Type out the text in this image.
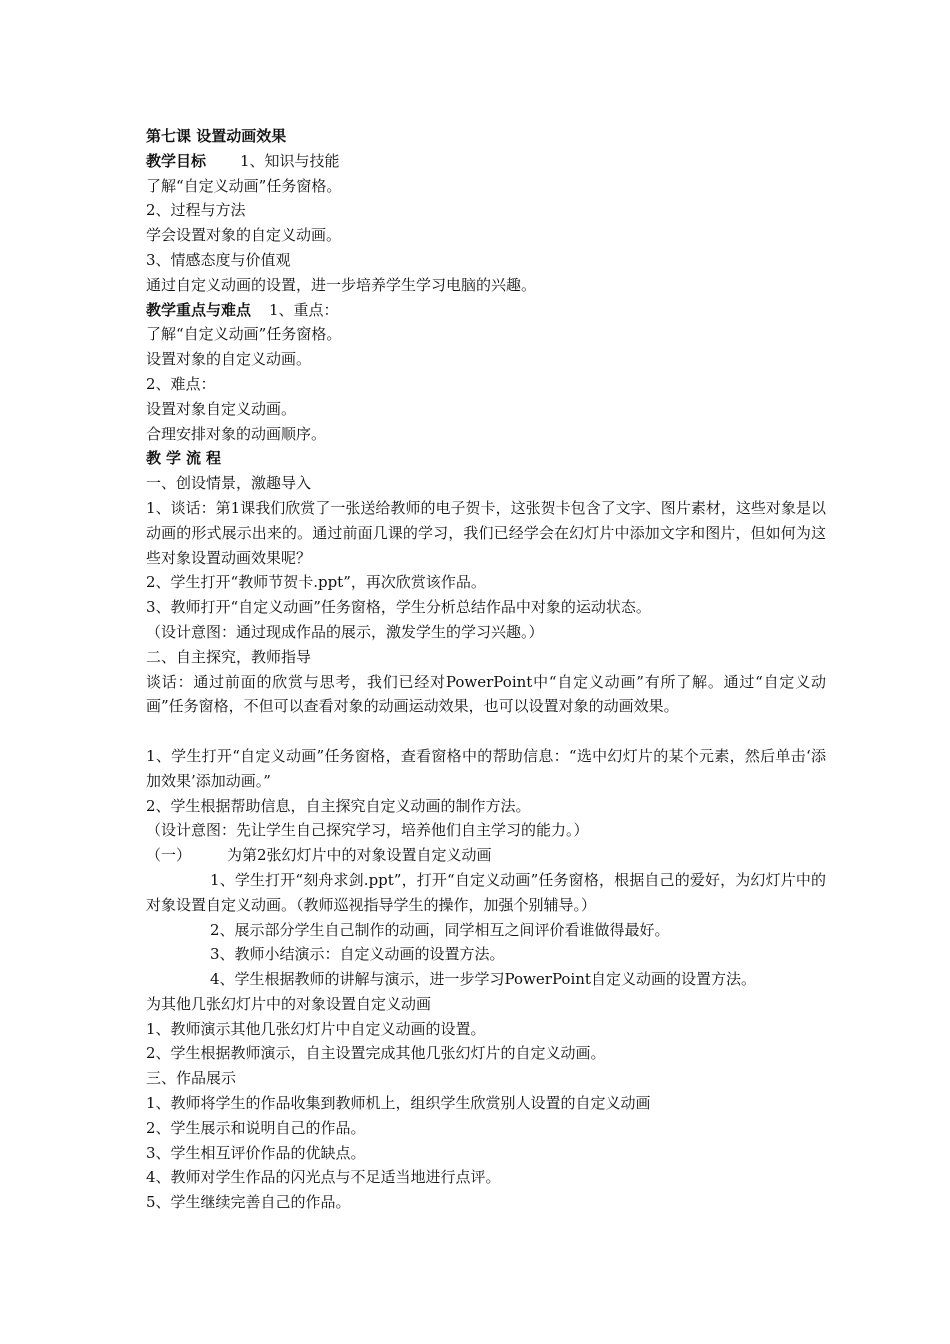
第七课 设置动画效果

教学目标 1、知识与技能

了解“自定义动画”任务窗格。

2、过程与方法

学会设置对象的自定义动画。

3、情感态度与价值观

通过自定义动画的设置，进一步培养学生学习电脑的兴趣。

教学重点与难点 1、重点：

了解“自定义动画”任务窗格。

设置对象的自定义动画。

2、难点：

设置对象自定义动画。

合理安排对象的动画顺序。

教学流程

一、创设情景，激趣导入

1、谈话：第1课我们欣赏了一张送给教师的电子贺卡，这张贺卡包含了文字、图片素材，这些对象是以动画的形式展示出来的。通过前面几课的学习，我们已经学会在幻灯片中添加文字和图片，但如何为这些对象设置动画效果呢？

2、学生打开“教师节贺卡.ppt”，再次欣赏该作品。

3、教师打开“自定义动画”任务窗格，学生分析总结作品中对象的运动状态。

（设计意图：通过现成作品的展示，激发学生的学习兴趣。）

二、自主探究，教师指导

谈话：通过前面的欣赏与思考，我们已经对PowerPoint中“自定义动画”有所了解。通过“自定义动画”任务窗格，不但可以查看对象的动画运动效果，也可以设置对象的动画效果。

1、学生打开“自定义动画”任务窗格，查看窗格中的帮助信息：“选中幻灯片的某个元素，然后单击‘添加效果’添加动画。”

2、学生根据帮助信息，自主探究自定义动画的制作方法。

（设计意图：先让学生自己探究学习，培养他们自主学习的能力。）

（一） 为第2张幻灯片中的对象设置自定义动画

1、学生打开“刻舟求剑.ppt”，打开“自定义动画”任务窗格，根据自己的爱好，为幻灯片中的对象设置自定义动画。（教师巡视指导学生的操作，加强个别辅导。）

2、展示部分学生自己制作的动画，同学相互之间评价看谁做得最好。

3、教师小结演示：自定义动画的设置方法。

4、学生根据教师的讲解与演示，进一步学习PowerPoint自定义动画的设置方法。

为其他几张幻灯片中的对象设置自定义动画

1、教师演示其他几张幻灯片中自定义动画的设置。

2、学生根据教师演示，自主设置完成其他几张幻灯片的自定义动画。

三、作品展示

1、教师将学生的作品收集到教师机上，组织学生欣赏别人设置的自定义动画

2、学生展示和说明自己的作品。

3、学生相互评价作品的优缺点。

4、教师对学生作品的闪光点与不足适当地进行点评。

5、学生继续完善自己的作品。
